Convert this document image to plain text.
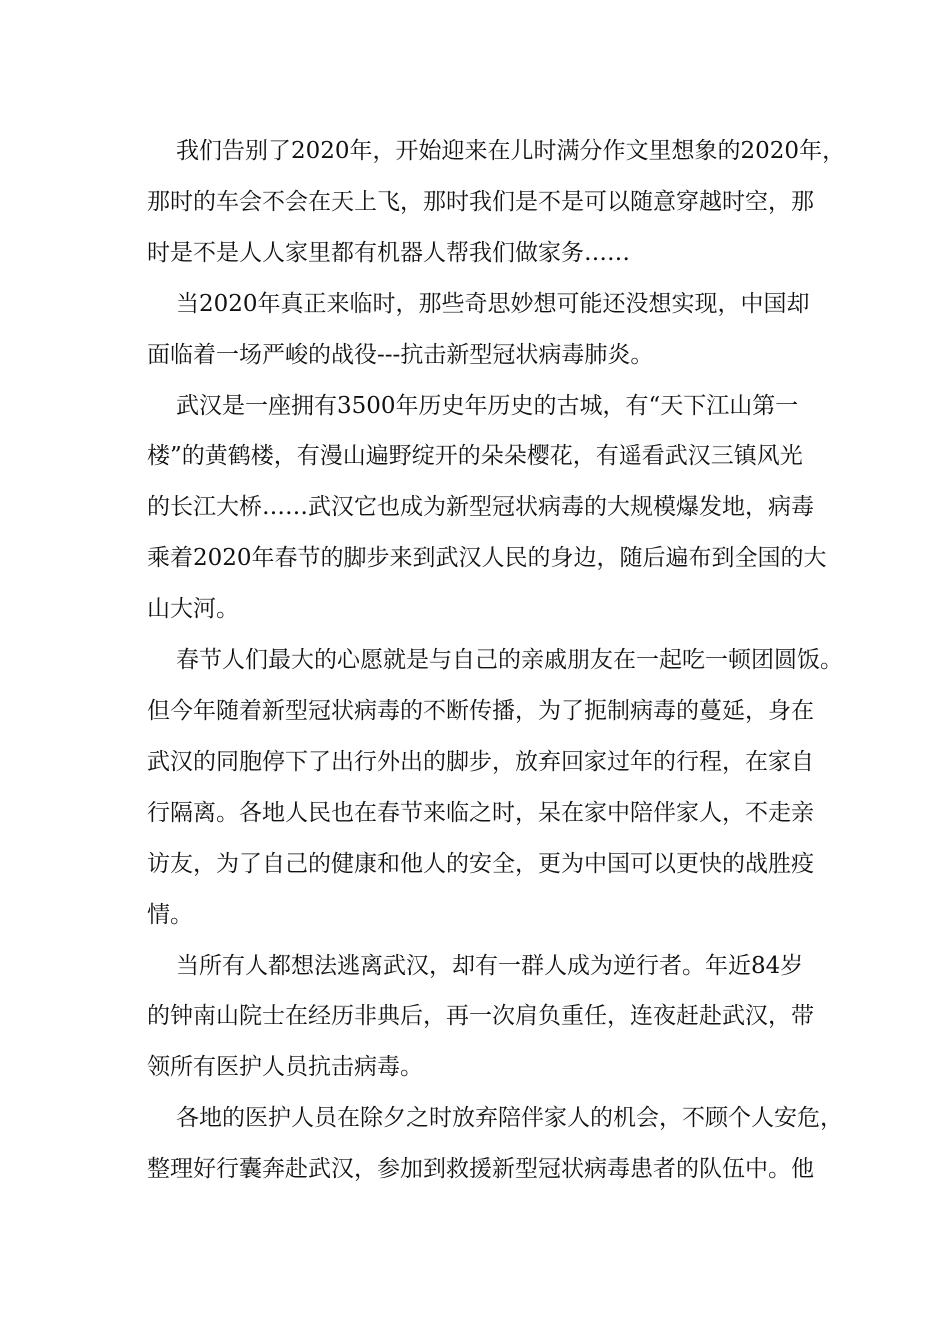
我们告别了2020年，开始迎来在儿时满分作文里想象的2020年，
那时的车会不会在天上飞，那时我们是不是可以随意穿越时空，那
时是不是人人家里都有机器人帮我们做家务……
当2020年真正来临时，那些奇思妙想可能还没想实现，中国却
面临着一场严峻的战役---抗击新型冠状病毒肺炎。
武汉是一座拥有3500年历史年历史的古城，有“天下江山第一
楼”的黄鹤楼，有漫山遍野绽开的朵朵樱花，有遥看武汉三镇风光
的长江大桥……武汉它也成为新型冠状病毒的大规模爆发地，病毒
乘着2020年春节的脚步来到武汉人民的身边，随后遍布到全国的大
山大河。
春节人们最大的心愿就是与自己的亲戚朋友在一起吃一顿团圆饭。
但今年随着新型冠状病毒的不断传播，为了扼制病毒的蔓延，身在
武汉的同胞停下了出行外出的脚步，放弃回家过年的行程，在家自
行隔离。各地人民也在春节来临之时，呆在家中陪伴家人，不走亲
访友，为了自己的健康和他人的安全，更为中国可以更快的战胜疫
情。
当所有人都想法逃离武汉，却有一群人成为逆行者。年近84岁
的钟南山院士在经历非典后，再一次肩负重任，连夜赶赴武汉，带
领所有医护人员抗击病毒。
各地的医护人员在除夕之时放弃陪伴家人的机会，不顾个人安危，
整理好行囊奔赴武汉，参加到救援新型冠状病毒患者的队伍中。他
